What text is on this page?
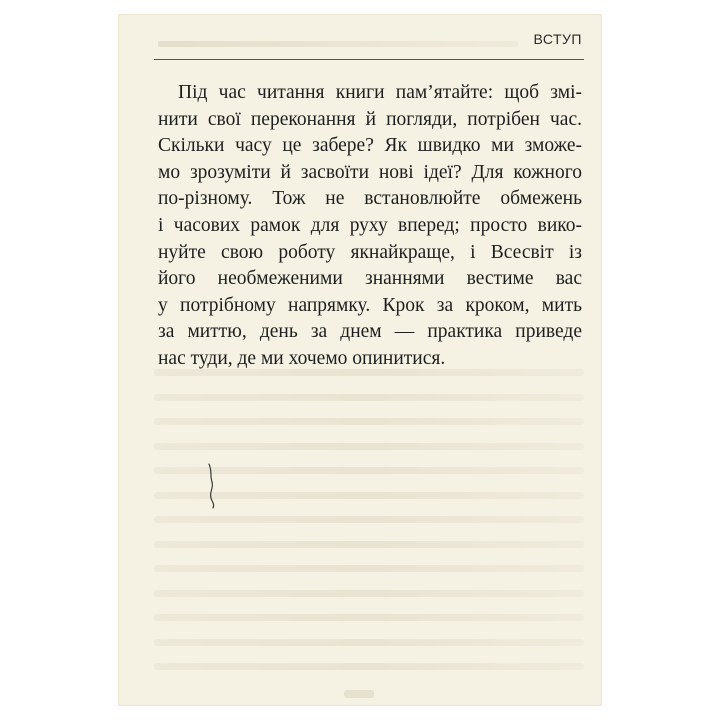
ВСТУП

Під час читання книги пам’ятайте: щоб змі-
нити свої переконання й погляди, потрібен час.
Скільки часу це забере? Як швидко ми зможе-
мо зрозуміти й засвоїти нові ідеї? Для кожного
по-різному. Тож не встановлюйте обмежень
і часових рамок для руху вперед; просто вико-
нуйте свою роботу якнайкраще, і Всесвіт із
його необмеженими знаннями вестиме вас
у потрібному напрямку. Крок за кроком, мить
за миттю, день за днем — практика приведе
нас туди, де ми хочемо опинитися.
